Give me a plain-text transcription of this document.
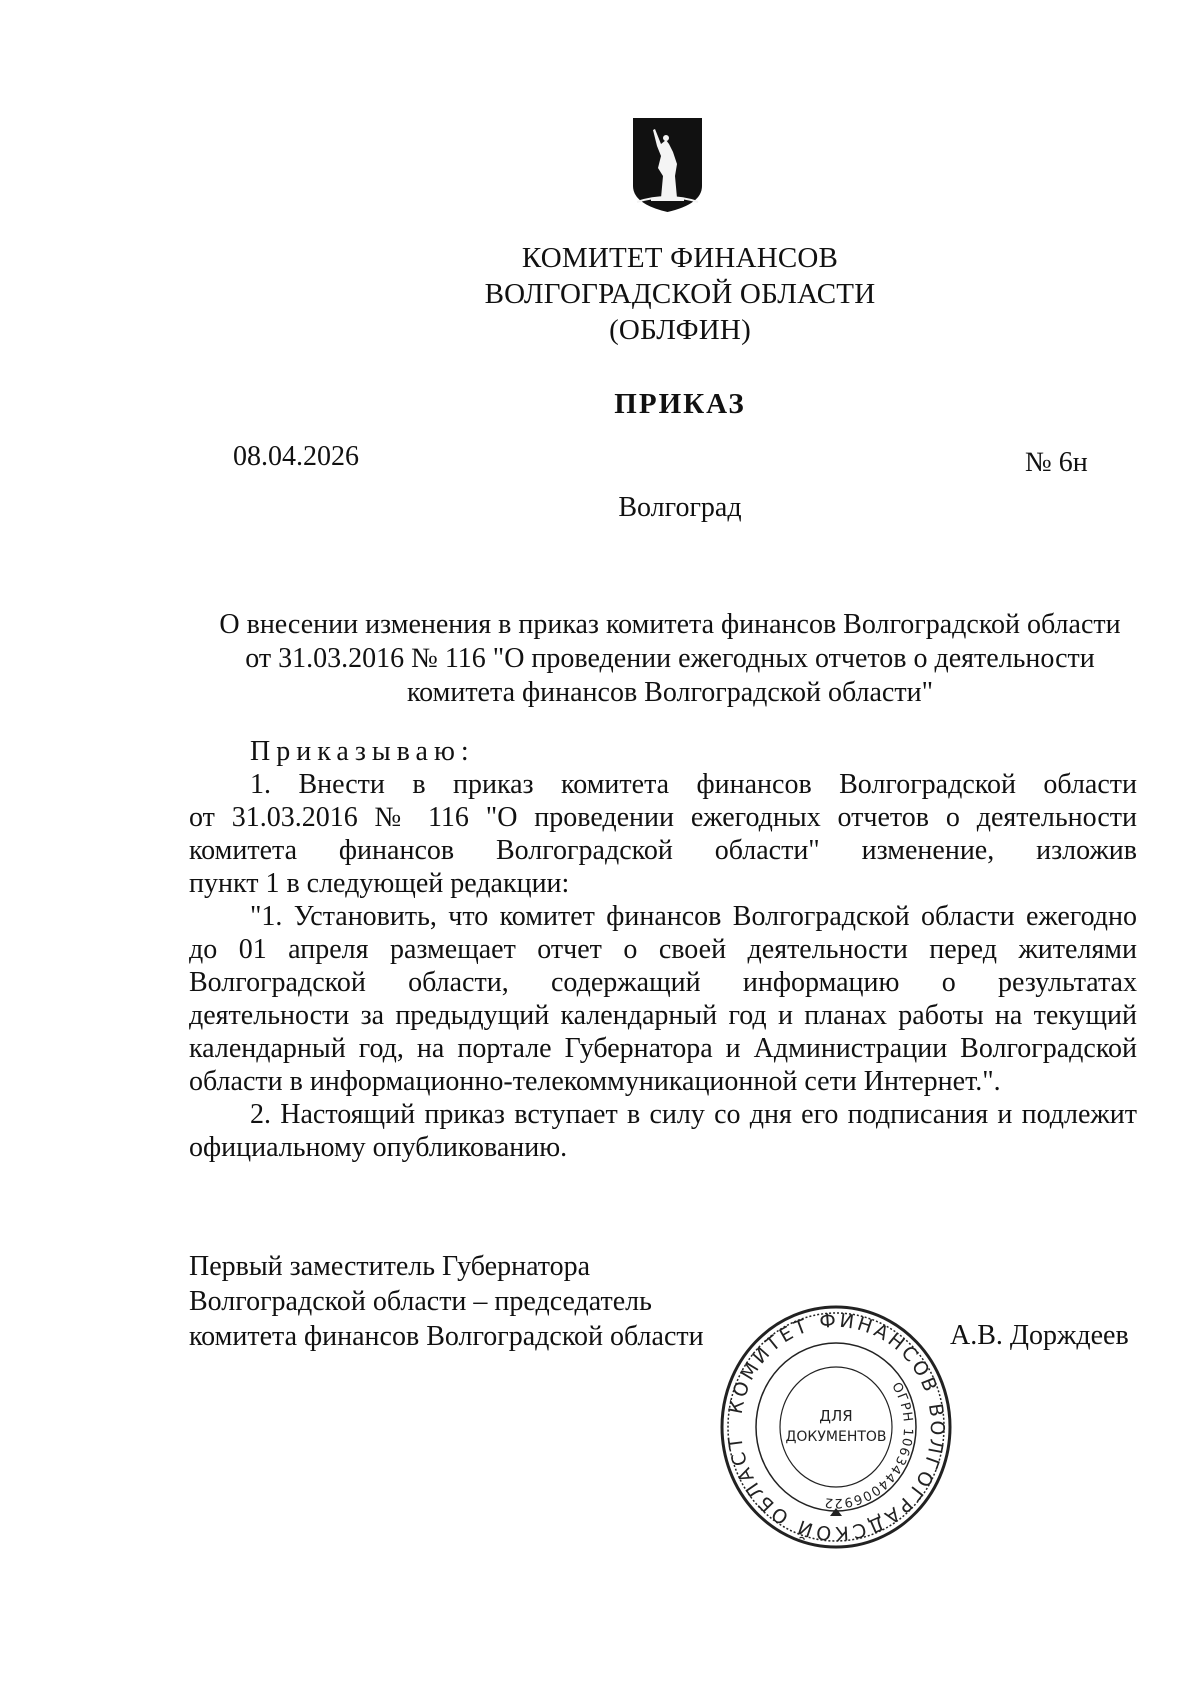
КОМИТЕТ ФИНАНСОВ
ВОЛГОГРАДСКОЙ ОБЛАСТИ
(ОБЛФИН)
ПРИКАЗ
08.04.2026	№ 6н
Волгоград
О внесении изменения в приказ комитета финансов Волгоградской области
от 31.03.2016 № 116 "О проведении ежегодных отчетов о деятельности
комитета финансов Волгоградской области"
Приказываю:
1. Внести в приказ комитета финансов Волгоградской области
от 31.03.2016 № 116 "О проведении ежегодных отчетов о деятельности
комитета финансов Волгоградской области" изменение, изложив
пункт 1 в следующей редакции:
"1. Установить, что комитет финансов Волгоградской области ежегодно
до 01 апреля размещает отчет о своей деятельности перед жителями
Волгоградской области, содержащий информацию о результатах
деятельности за предыдущий календарный год и планах работы на текущий
календарный год, на портале Губернатора и Администрации Волгоградской
области в информационно-телекоммуникационной сети Интернет.".
2. Настоящий приказ вступает в силу со дня его подписания и подлежит
официальному опубликованию.
Первый заместитель Губернатора
Волгоградской области – председатель
комитета финансов Волгоградской области	А.В. Дорждеев
КОМИТЕТ ФИНАНСОВ ВОЛГОГРАДСКОЙ ОБЛАСТ
ОГРН 1063444006922
ДЛЯ
ДОКУМЕНТОВ
